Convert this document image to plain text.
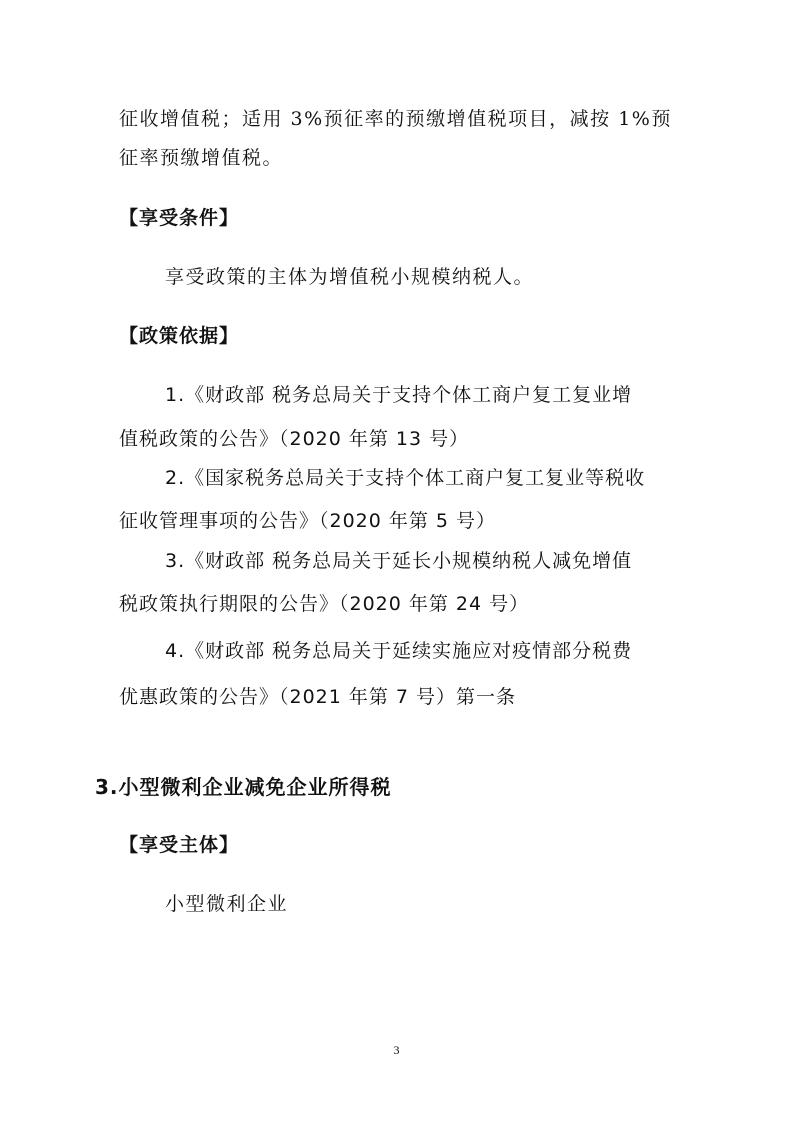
征收增值税；适用 3%预征率的预缴增值税项目，减按 1%预
征率预缴增值税。
【享受条件】
享受政策的主体为增值税小规模纳税人。
【政策依据】
1.《财政部 税务总局关于支持个体工商户复工复业增
值税政策的公告》（2020 年第 13 号）
2.《国家税务总局关于支持个体工商户复工复业等税收
征收管理事项的公告》（2020 年第 5 号）
3.《财政部 税务总局关于延长小规模纳税人减免增值
税政策执行期限的公告》（2020 年第 24 号）
4.《财政部 税务总局关于延续实施应对疫情部分税费
优惠政策的公告》（2021 年第 7 号）第一条
3.小型微利企业减免企业所得税
【享受主体】
小型微利企业
3
